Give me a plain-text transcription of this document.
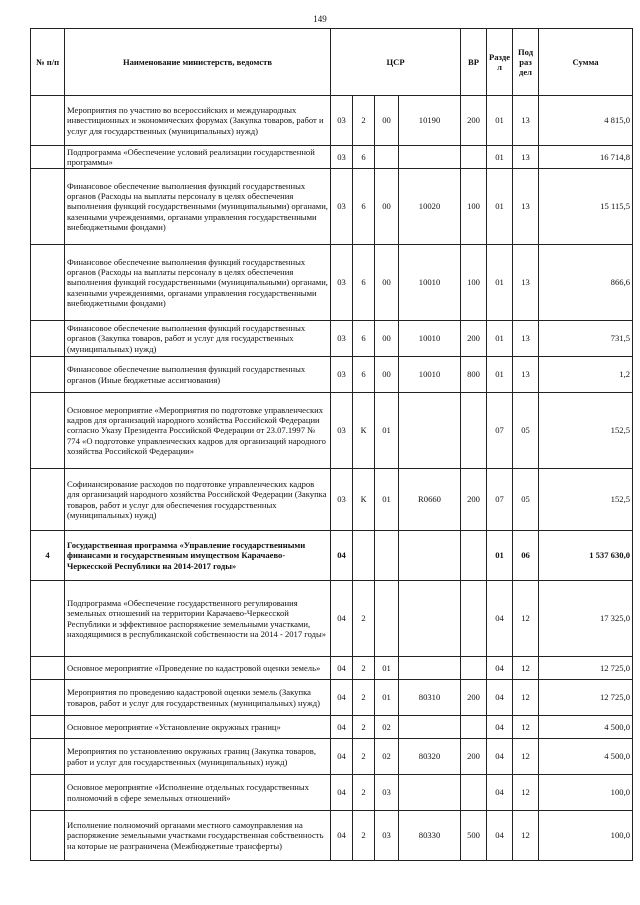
149
№ п/п	Наименование министерств, ведомств	ЦСР				ВР	Разде л	Под раз дел	Сумма
	Мероприятия по участию во всероссийских и международных инвестиционных и экономических форумах (Закупка товаров, работ и услуг для государственных (муниципальных) нужд)	03	2	00	10190	200	01	13	4 815,0
	Подпрограмма «Обеспечение условий реализации государственной программы»	03	6				01	13	16 714,8
	Финансовое обеспечение выполнения функций государственных органов (Расходы на выплаты персоналу в целях обеспечения выполнения функций государственными (муниципальными) органами, казенными учреждениями, органами управления государственными внебюджетными фондами)	03	6	00	10020	100	01	13	15 115,5
	Финансовое обеспечение выполнения функций государственных органов (Расходы на выплаты персоналу в целях обеспечения выполнения функций государственными (муниципальными) органами, казенными учреждениями, органами управления государственными внебюджетными фондами)	03	6	00	10010	100	01	13	866,6
	Финансовое обеспечение выполнения функций государственных органов (Закупка товаров, работ и услуг для государственных (муниципальных) нужд)	03	6	00	10010	200	01	13	731,5
	Финансовое обеспечение выполнения функций государственных органов (Иные бюджетные ассигнования)	03	6	00	10010	800	01	13	1,2
	Основное мероприятие «Мероприятия по подготовке управленческих кадров для организаций народного хозяйства Российской Федерации согласно Указу Президента Российской Федерации от 23.07.1997 № 774 «О подготовке управленческих кадров для организаций народного хозяйства Российской Федерации»	03	К	01			07	05	152,5
	Софинансирование расходов по подготовке управленческих кадров для организаций народного хозяйства Российской Федерации (Закупка товаров, работ и услуг для обеспечения государственных (муниципальных) нужд)	03	К	01	R0660	200	07	05	152,5
4	Государственная программа «Управление государственными финансами и государственным имуществом Карачаево-Черкесской Республики на 2014-2017 годы»	04					01	06	1 537 630,0
	Подпрограмма «Обеспечение государственного регулирования земельных отношений на территории Карачаево-Черкесской Республики и эффективное распоряжение земельными участками, находящимися в республиканской собственности на 2014 - 2017 годы»	04	2				04	12	17 325,0
	Основное мероприятие «Проведение по кадастровой оценки земель»	04	2	01			04	12	12 725,0
	Мероприятия по проведению кадастровой оценки земель (Закупка товаров, работ и услуг для государственных (муниципальных) нужд)	04	2	01	80310	200	04	12	12 725,0
	Основное мероприятие «Установление окружных границ»	04	2	02			04	12	4 500,0
	Мероприятия по установлению окружных границ (Закупка товаров, работ и услуг для государственных (муниципальных) нужд)	04	2	02	80320	200	04	12	4 500,0
	Основное мероприятие «Исполнение отдельных государственных полномочий в сфере земельных отношений»	04	2	03			04	12	100,0
	Исполнение полномочий органами местного самоуправления на распоряжение земельными участками государственная собственность на которые не разграничена (Межбюджетные трансферты)	04	2	03	80330	500	04	12	100,0
